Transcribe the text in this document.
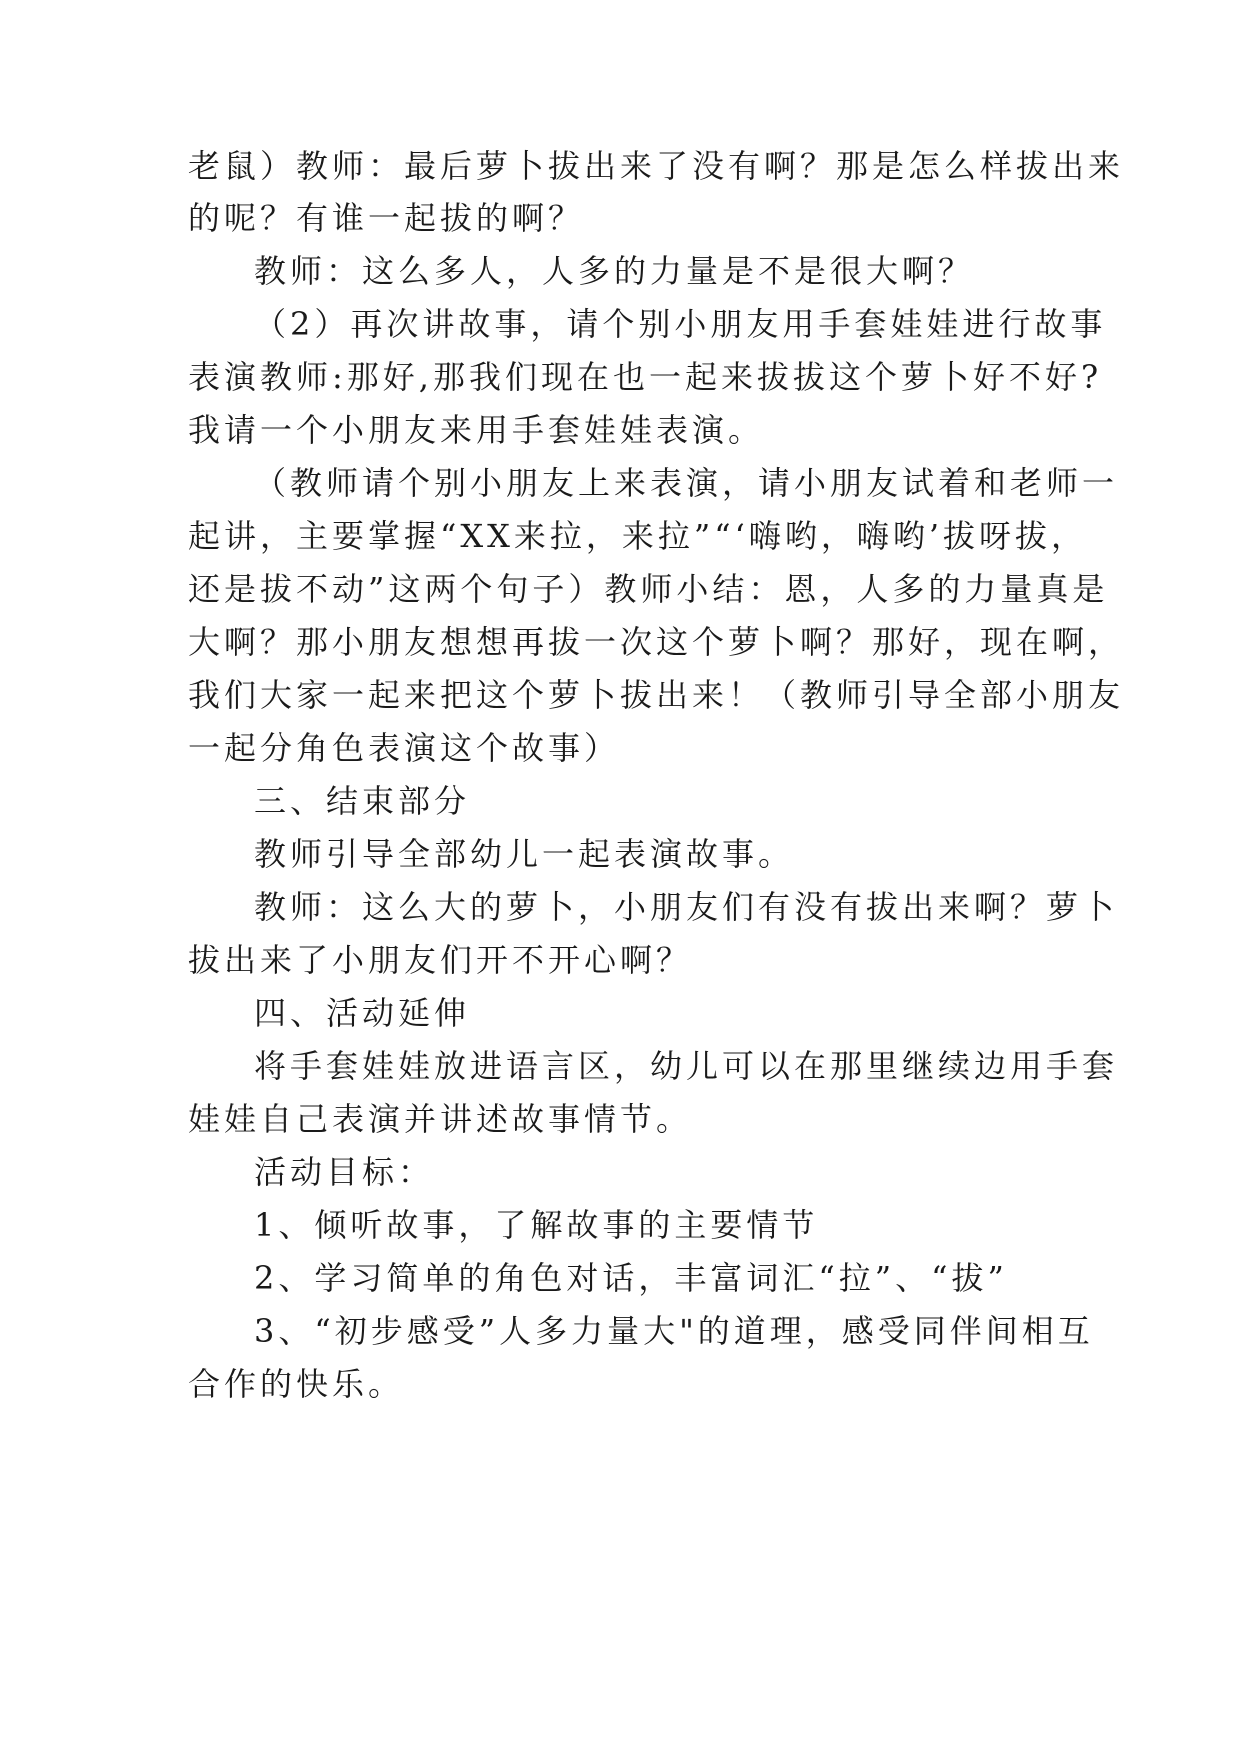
老鼠）教师：最后萝卜拔出来了没有啊？那是怎么样拔出来
的呢？有谁一起拔的啊？
教师：这么多人，人多的力量是不是很大啊？
（2）再次讲故事，请个别小朋友用手套娃娃进行故事
表演教师:那好,那我们现在也一起来拔拔这个萝卜好不好?
我请一个小朋友来用手套娃娃表演。
（教师请个别小朋友上来表演，请小朋友试着和老师一
起讲，主要掌握“XX来拉，来拉”“‘嗨哟，嗨哟’拔呀拔，
还是拔不动”这两个句子）教师小结：恩，人多的力量真是
大啊？那小朋友想想再拔一次这个萝卜啊？那好，现在啊，
我们大家一起来把这个萝卜拔出来！（教师引导全部小朋友
一起分角色表演这个故事）
三、结束部分
教师引导全部幼儿一起表演故事。
教师：这么大的萝卜，小朋友们有没有拔出来啊？萝卜
拔出来了小朋友们开不开心啊？
四、活动延伸
将手套娃娃放进语言区，幼儿可以在那里继续边用手套
娃娃自己表演并讲述故事情节。
活动目标：
1、倾听故事，了解故事的主要情节
2、学习简单的角色对话，丰富词汇“拉”、“拔”
3、“初步感受”人多力量大"的道理，感受同伴间相互
合作的快乐。
